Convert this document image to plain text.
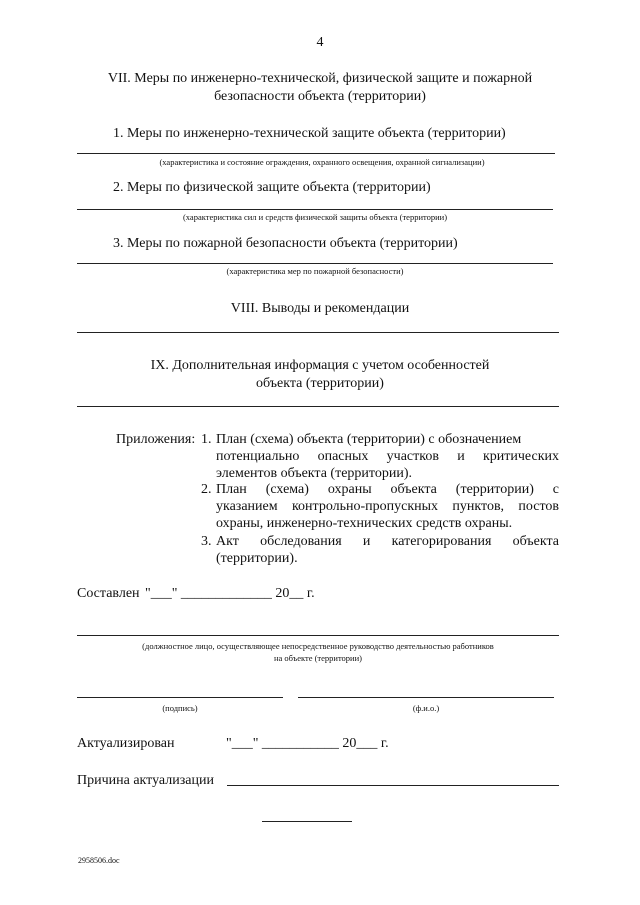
4
VII. Меры по инженерно-технической, физической защите и пожарной
безопасности объекта (территории)
1. Меры по инженерно-технической защите объекта (территории)
(характеристика и состояние ограждения, охранного освещения, охранной сигнализации)
2. Меры по физической защите объекта (территории)
(характеристика сил и средств физической защиты объекта (территории)
3. Меры по пожарной безопасности объекта (территории)
(характеристика мер по пожарной безопасности)
VIII. Выводы и рекомендации
IX. Дополнительная информация с учетом особенностей
объекта (территории)
Приложения: 1. План (схема) объекта (территории) с обозначением
потенциально опасных участков и критических
элементов объекта (территории).
2. План (схема) охраны объекта (территории) с
указанием контрольно-пропускных пунктов, постов
охраны, инженерно-технических средств охраны.
3. Акт обследования и категорирования объекта
(территории).
Составлен "___" _____________ 20__ г.
(должностное лицо, осуществляющее непосредственное руководство деятельностью работников
на объекте (территории)
(подпись)	(ф.и.о.)
Актуализирован	"___" ___________ 20___ г.
Причина актуализации
2958506.doc
